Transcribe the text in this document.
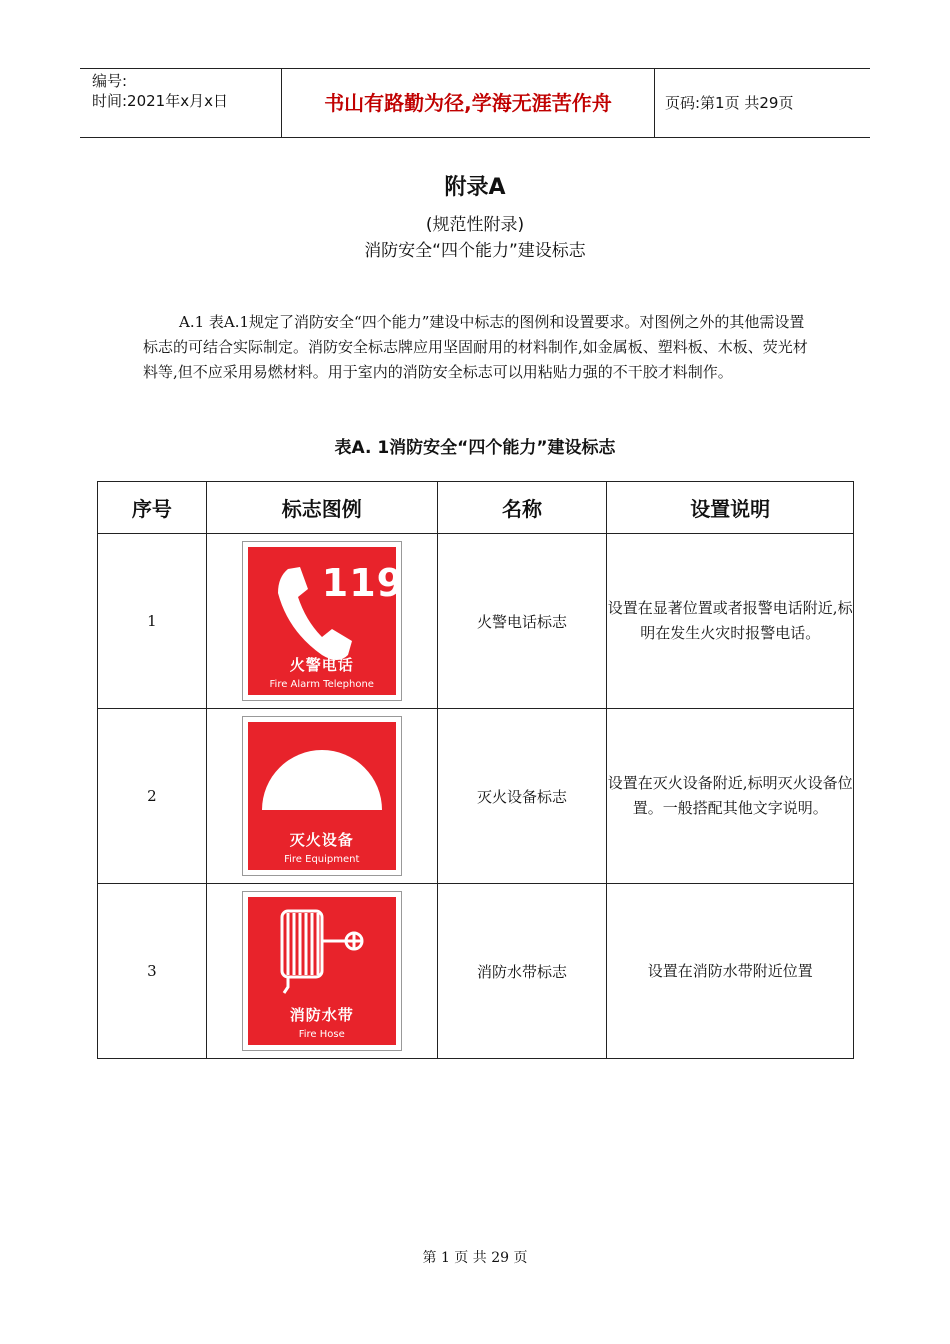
编号:
时间:2021年x月x日	书山有路勤为径,学海无涯苦作舟	页码:第1页 共29页
附录A
(规范性附录)
消防安全“四个能力”建设标志
A.1 表A.1规定了消防安全“四个能力”建设中标志的图例和设置要求。对图例之外的其他需设置标志的可结合实际制定。消防安全标志牌应用坚固耐用的材料制作,如金属板、塑料板、木板、荧光材料等,但不应采用易燃材料。用于室内的消防安全标志可以用粘贴力强的不干胶才料制作。
表A. 1消防安全“四个能力”建设标志
序号	标志图例	名称	设置说明
1	119
火警电话
Fire Alarm Telephone	火警电话标志	设置在显著位置或者报警电话附近,标明在发生火灾时报警电话。
2	灭火设备
Fire Equipment	灭火设备标志	设置在灭火设备附近,标明灭火设备位置。一般搭配其他文字说明。
3	消防水带
Fire Hose	消防水带标志	设置在消防水带附近位置
第 1 页 共 29 页
